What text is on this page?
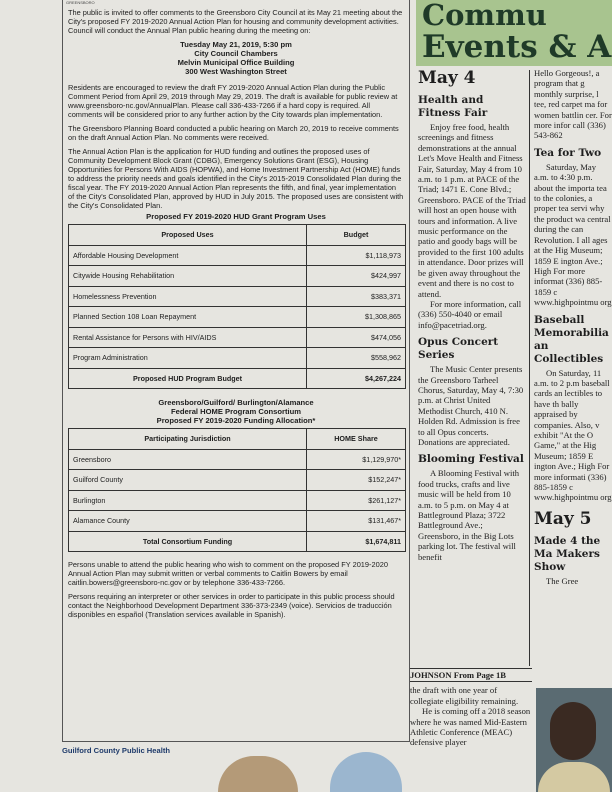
GREENSBORO

The public is invited to offer comments to the Greensboro City Council at its May 21 meeting about the City's proposed FY 2019-2020 Annual Action Plan for housing and community development activities. Council will conduct the Annual Plan public hearing during the meeting on:

Tuesday May 21, 2019, 5:30 pm
City Council Chambers
Melvin Municipal Office Building
300 West Washington Street

Residents are encouraged to review the draft FY 2019-2020 Annual Action Plan during the Public Comment Period from April 29, 2019 through May 29, 2019. The draft is available for public review at www.greensboro-nc.gov/AnnualPlan. Please call 336-433-7266 if a hard copy is required. All comments will be considered prior to any further action by the City towards plan implementation.

The Greensboro Planning Board conducted a public hearing on March 20, 2019 to receive comments on the draft Annual Action Plan. No comments were received.

The Annual Action Plan is the application for HUD funding and outlines the proposed uses of Community Development Block Grant (CDBG), Emergency Solutions Grant (ESG), Housing Opportunities for Persons With AIDS (HOPWA), and Home Investment Partnership Act (HOME) funds to address the priority needs and goals identified in the City's 2015-2019 Consolidated Plan during the fiscal year. The FY 2019-2020 Annual Action Plan represents the fifth, and final, year implementation of the City's Consolidated Plan, approved by HUD in July 2015. The proposed uses are consistent with the City's Consolidated Plan.

Proposed FY 2019-2020 HUD Grant Program Uses
Proposed Uses	Budget
Affordable Housing Development	$1,118,973
Citywide Housing Rehabilitation	$424,997
Homelessness Prevention	$383,371
Planned Section 108 Loan Repayment	$1,308,865
Rental Assistance for Persons with HIV/AIDS	$474,056
Program Administration	$558,962
Proposed HUD Program Budget	$4,267,224
Greensboro/Guilford/ Burlington/Alamance
Federal HOME Program Consortium
Proposed FY 2019-2020 Funding Allocation*
Participating Jurisdiction	HOME Share
Greensboro	$1,129,970*
Guilford County	$152,247*
Burlington	$261,127*
Alamance County	$131,467*
Total Consortium Funding	$1,674,811

Persons unable to attend the public hearing who wish to comment on the proposed FY 2019-2020 Annual Action Plan may submit written or verbal comments to Caitlin Bowers by email caitlin.bowers@greensboro-nc.gov or by telephone 336-433-7266.

Persons requiring an interpreter or other services in order to participate in this public process should contact the Neighborhood Development Department 336-373-2349 (voice). Servicios de traducción disponibles en español (Translation services available in Spanish).

Guilford County Public Health
Commu
Events & A
May 4
Health and Fitness Fair

Enjoy free food, health screenings and fitness demonstrations at the annual Let's Move Health and Fitness Fair, Saturday, May 4 from 10 a.m. to 1 p.m. at PACE of the Triad; 1471 E. Cone Blvd.; Greensboro. PACE of the Triad will host an open house with tours and information. A live music performance on the patio and goody bags will be provided to the first 100 adults in attendance. Door prizes will be given away throughout the event and there is no cost to attend.

For more information, call (336) 550-4040 or email info@pacetriad.org.

Opus Concert Series

The Music Center presents the Greensboro Tarheel Chorus, Saturday, May 4, 7:30 p.m. at Christ United Methodist Church, 410 N. Holden Rd. Admission is free to all Opus concerts. Donations are appreciated.

Blooming Festival

A Blooming Festival with food trucks, crafts and live music will be held from 10 a.m. to 5 p.m. on May 4 at Battleground Plaza; 3722 Battleground Ave.; Greensboro, in the Big Lots parking lot. The festival will benefit

Hello Gorgeous!, a program that g monthly surprise, l tee, red carpet ma for women battlin cer. For more infor call (336) 543-862

Tea for Two

Saturday, May a.m. to 4:30 p.m. about the importa tea to the colonies, a proper tea servi why the product wa central during the can Revolution. I all ages at the Hig Museum; 1859 E ington Ave.; High For more informat (336) 885-1859 c www.highpointmu org

Baseball Memorabilia an Collectibles

On Saturday, 11 a.m. to 2 p.m baseball cards an lectibles to have th bally appraised by companies. Also, v exhibit "At the O Game," at the Hig Museum; 1859 E ington Ave.; High For more informati (336) 885-1859 c www.highpointmu org

May 5
Made 4 the Ma Makers Show

The Gree

JOHNSON From Page 1B
the draft with one year of collegiate eligibility remaining.
He is coming off a 2018 season where he was named Mid-Eastern Athletic Conference (MEAC) defensive player
